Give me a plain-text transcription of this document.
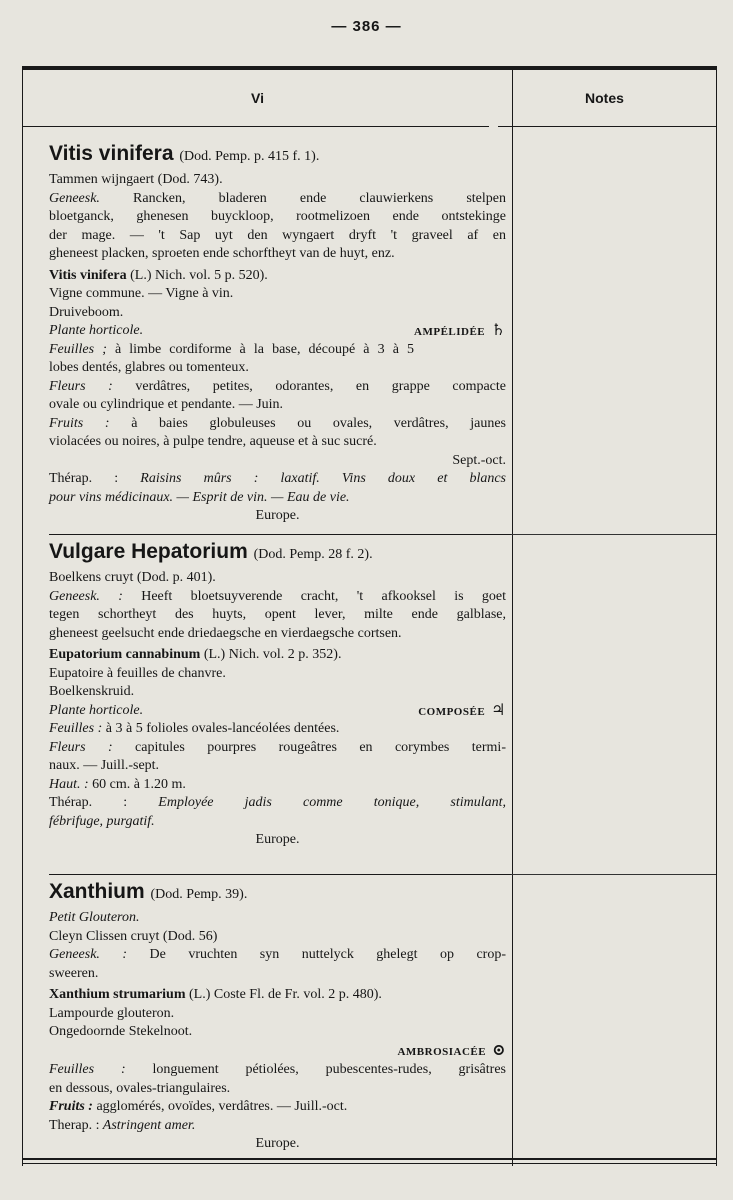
— 386 —
Vi	Notes
Vitis vinifera (Dod. Pemp. p. 415 f. 1).
Tammen wijngaert (Dod. 743).
Geneesk. Rancken, bladeren ende clauwierkens stelpen
bloetganck, ghenesen buyckloop, rootmelizoen ende ontstekinge
der mage. — 't Sap uyt den wyngaert dryft 't graveel af en
gheneest placken, sproeten ende schorftheyt van de huyt, enz.
Vitis vinifera (L.) Nich. vol. 5 p. 520).
Vigne commune. — Vigne à vin.
Druiveboom.
Plante horticole.	AMPÉLIDÉE ♄
Feuilles ; à limbe cordiforme à la base, découpé à 3 à 5
lobes dentés, glabres ou tomenteux.
Fleurs : verdâtres, petites, odorantes, en grappe compacte
ovale ou cylindrique et pendante. — Juin.
Fruits : à baies globuleuses ou ovales, verdâtres, jaunes
violacées ou noires, à pulpe tendre, aqueuse et à suc sucré.
Sept.-oct.
Thérap. : Raisins mûrs : laxatif. Vins doux et blancs
pour vins médicinaux. — Esprit de vin. — Eau de vie.
Europe.
Vulgare Hepatorium (Dod. Pemp. 28 f. 2).
Boelkens cruyt (Dod. p. 401).
Geneesk. : Heeft bloetsuyverende cracht, 't afkooksel is goet
tegen schortheyt des huyts, opent lever, milte ende galblase,
gheneest geelsucht ende driedaegsche en vierdaegsche cortsen.
Eupatorium cannabinum (L.) Nich. vol. 2 p. 352).
Eupatoire à feuilles de chanvre.
Boelkenskruid.
Plante horticole.	COMPOSÉE ♃
Feuilles : à 3 à 5 folioles ovales-lancéolées dentées.
Fleurs : capitules pourpres rougeâtres en corymbes termi-
naux. — Juill.-sept.
Haut. : 60 cm. à 1.20 m.
Thérap. : Employée jadis comme tonique, stimulant,
fébrifuge, purgatif.
Europe.
Xanthium (Dod. Pemp. 39).
Petit Glouteron.
Cleyn Clissen cruyt (Dod. 56)
Geneesk. : De vruchten syn nuttelyck ghelegt op crop-
sweeren.
Xanthium strumarium (L.) Coste Fl. de Fr. vol. 2 p. 480).
Lampourde glouteron.
Ongedoornde Stekelnoot.
AMBROSIACÉE ⊙
Feuilles : longuement pétiolées, pubescentes-rudes, grisâtres
en dessous, ovales-triangulaires.
Fruits : agglomérés, ovoïdes, verdâtres. — Juill.-oct.
Therap. : Astringent amer.
Europe.
